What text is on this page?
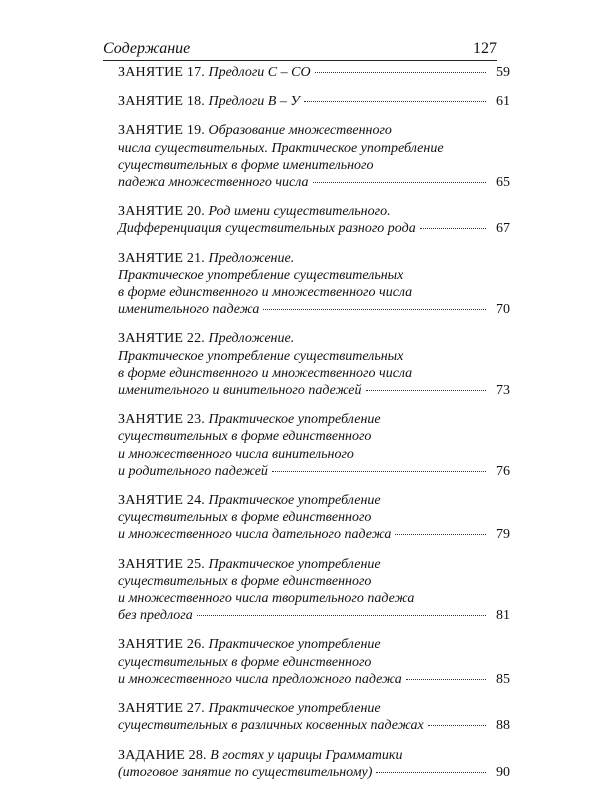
Содержание	127
ЗАНЯТИЕ 17. Предлоги С – СО	59
ЗАНЯТИЕ 18. Предлоги В – У	61
ЗАНЯТИЕ 19. Образование множественного
числа существительных. Практическое употребление
существительных в форме именительного
падежа множественного числа	65
ЗАНЯТИЕ 20. Род имени существительного.
Дифференциация существительных разного рода	67
ЗАНЯТИЕ 21. Предложение.
Практическое употребление существительных
в форме единственного и множественного числа
именительного падежа	70
ЗАНЯТИЕ 22. Предложение.
Практическое употребление существительных
в форме единственного и множественного числа
именительного и винительного падежей	73
ЗАНЯТИЕ 23. Практическое употребление
существительных в форме единственного
и множественного числа винительного
и родительного падежей	76
ЗАНЯТИЕ 24. Практическое употребление
существительных в форме единственного
и множественного числа дательного падежа	79
ЗАНЯТИЕ 25. Практическое употребление
существительных в форме единственного
и множественного числа творительного падежа
без предлога	81
ЗАНЯТИЕ 26. Практическое употребление
существительных в форме единственного
и множественного числа предложного падежа	85
ЗАНЯТИЕ 27. Практическое употребление
существительных в различных косвенных падежах	88
ЗАДАНИЕ 28. В гостях у царицы Грамматики
(итоговое занятие по существительному)	90
